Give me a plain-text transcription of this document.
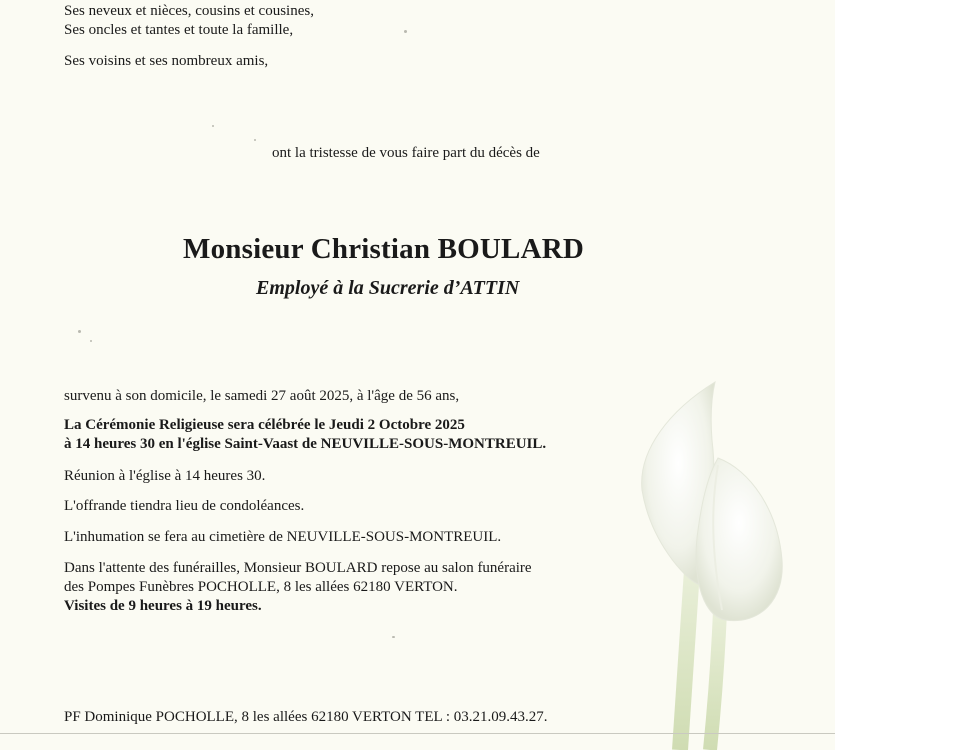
Ses neveux et nièces, cousins et cousines,
Ses oncles et tantes et toute la famille,
Ses voisins et ses nombreux amis,
ont la tristesse de vous faire part du décès de
Monsieur Christian BOULARD
Employé à la Sucrerie d’ATTIN
survenu à son domicile, le samedi 27 août 2025, à l'âge de 56 ans,
La Cérémonie Religieuse sera célébrée le Jeudi 2 Octobre 2025
à 14 heures 30 en l'église Saint-Vaast de NEUVILLE-SOUS-MONTREUIL.
Réunion à l'église à 14 heures 30.
L'offrande tiendra lieu de condoléances.
L'inhumation se fera au cimetière de NEUVILLE-SOUS-MONTREUIL.
Dans l'attente des funérailles, Monsieur BOULARD repose au salon funéraire
des Pompes Funèbres POCHOLLE, 8 les allées 62180 VERTON.
Visites de 9 heures à 19 heures.
PF Dominique POCHOLLE, 8 les allées 62180 VERTON TEL : 03.21.09.43.27.
